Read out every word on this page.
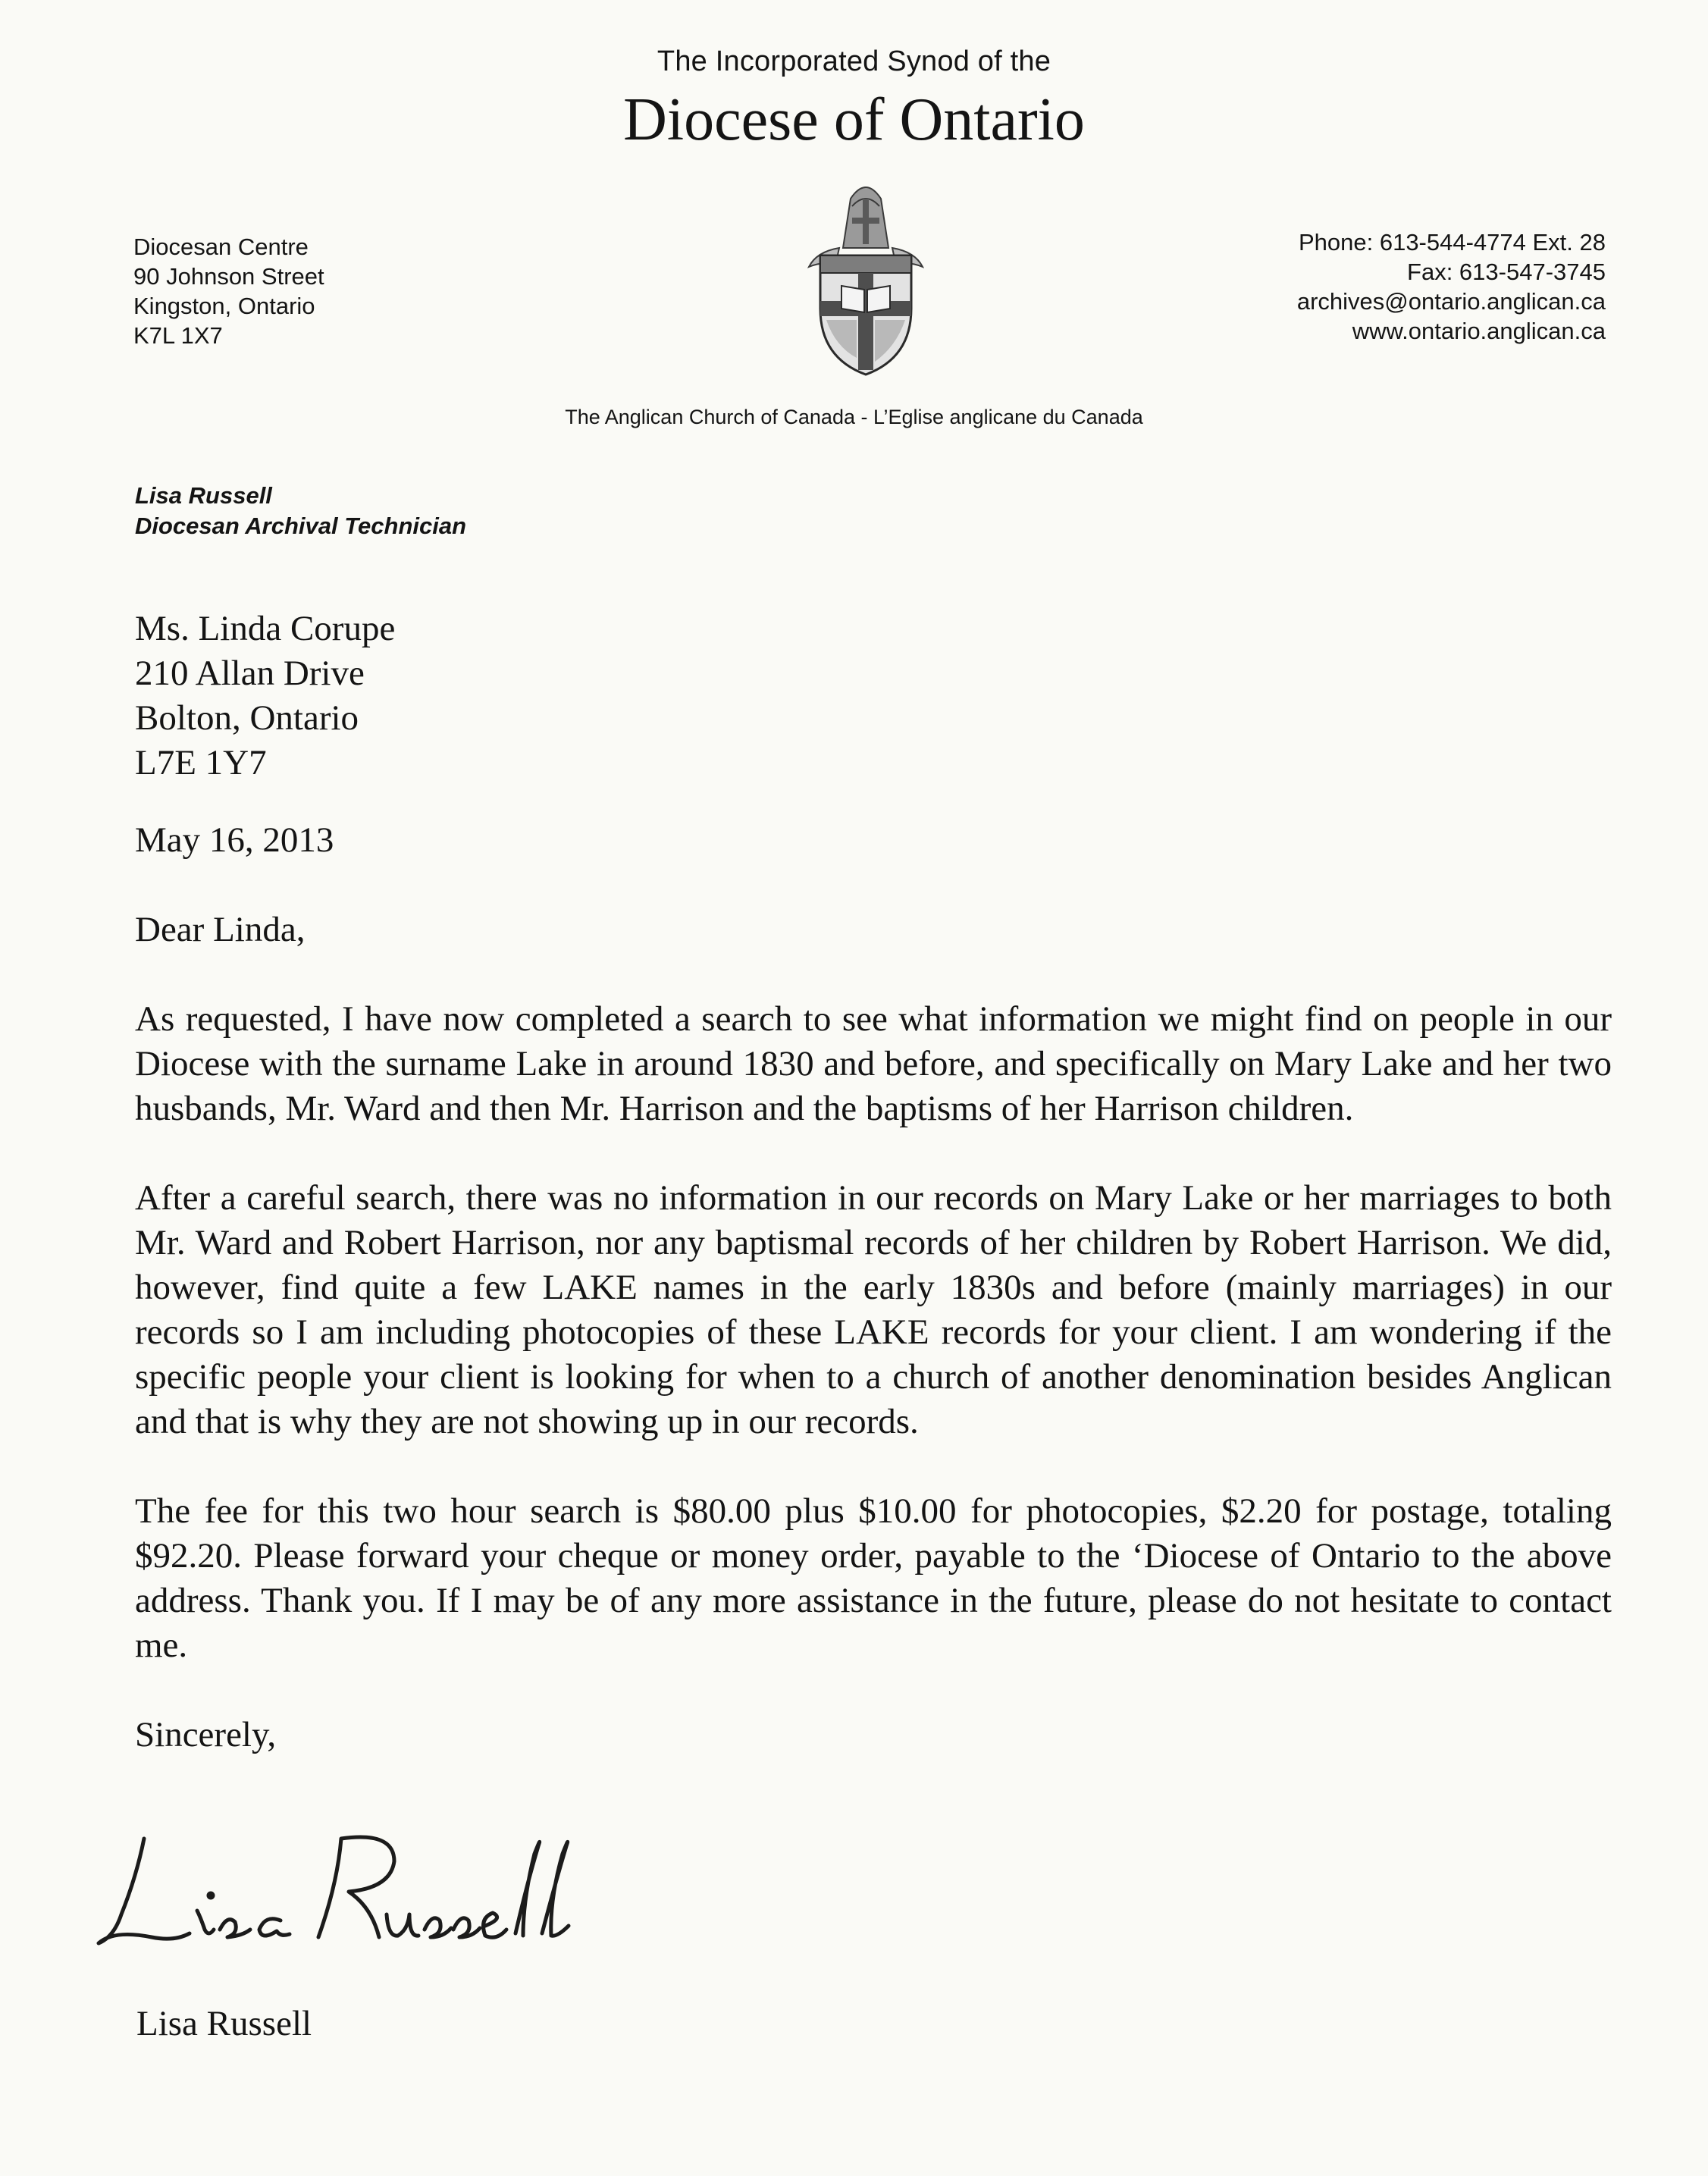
The Incorporated Synod of the
Diocese of Ontario
Diocesan Centre
90 Johnson Street
Kingston, Ontario
K7L 1X7
Phone: 613-544-4774 Ext. 28
Fax: 613-547-3745
archives@ontario.anglican.ca
www.ontario.anglican.ca
The Anglican Church of Canada - L’Eglise anglicane du Canada
Lisa Russell
Diocesan Archival Technician
Ms. Linda Corupe
210 Allan Drive
Bolton, Ontario
L7E 1Y7
May 16, 2013
Dear Linda,
As requested, I have now completed a search to see what information we might find on people in our Diocese with the surname Lake in around 1830 and before, and specifically on Mary Lake and her two husbands, Mr. Ward and then Mr. Harrison and the baptisms of her Harrison children.
After a careful search, there was no information in our records on Mary Lake or her marriages to both Mr. Ward and Robert Harrison, nor any baptismal records of her children by Robert Harrison. We did, however, find quite a few LAKE names in the early 1830s and before (mainly marriages) in our records so I am including photocopies of these LAKE records for your client. I am wondering if the specific people your client is looking for when to a church of another denomination besides Anglican and that is why they are not showing up in our records.
The fee for this two hour search is $80.00 plus $10.00 for photocopies, $2.20 for postage, totaling $92.20. Please forward your cheque or money order, payable to the ‘Diocese of Ontario to the above address. Thank you. If I may be of any more assistance in the future, please do not hesitate to contact me.
Sincerely,
Lisa Russell
